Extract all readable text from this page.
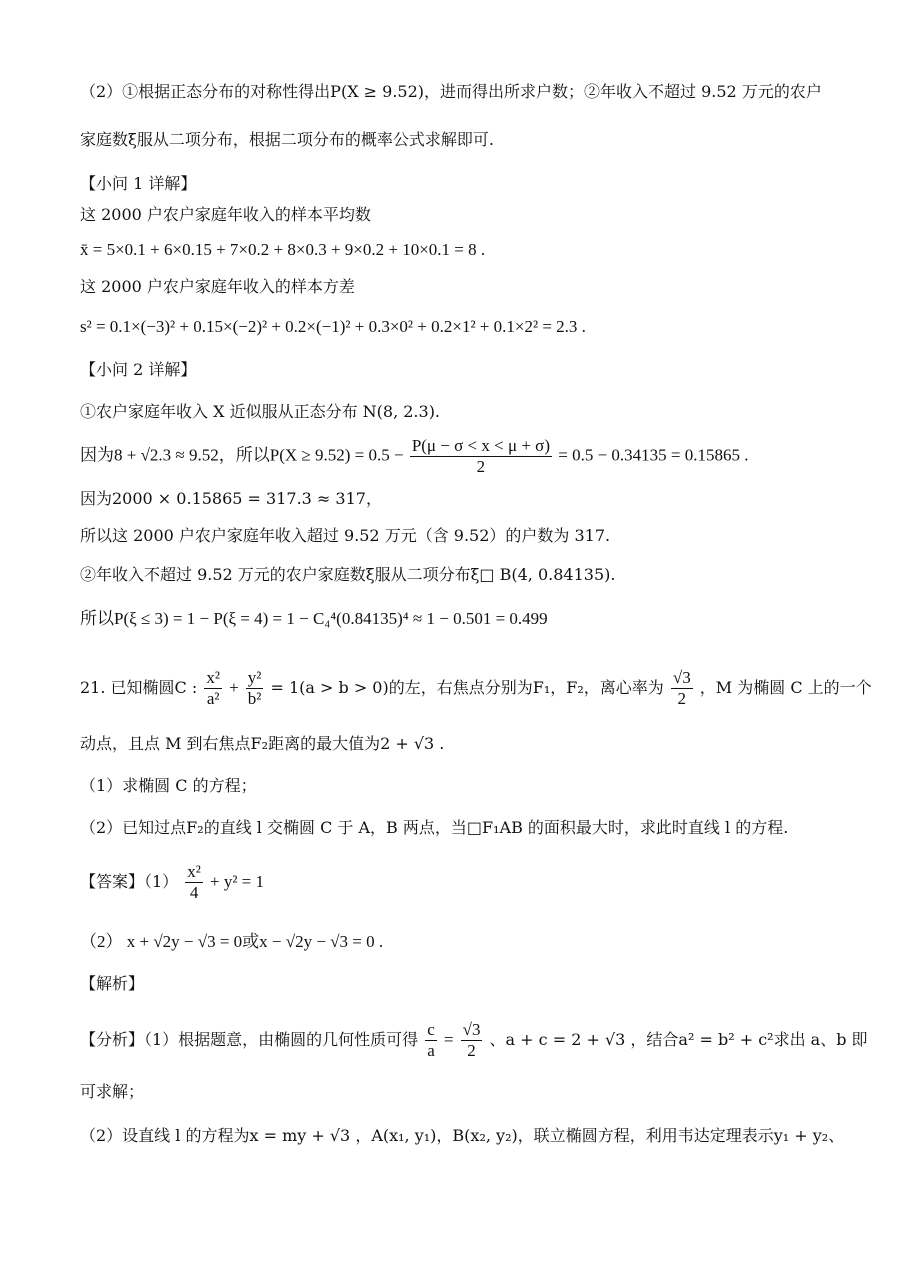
（2）①根据正态分布的对称性得出P(X ≥ 9.52)，进而得出所求户数；②年收入不超过 9.52 万元的农户
家庭数ξ服从二项分布，根据二项分布的概率公式求解即可.
【小问 1 详解】
这 2000 户农户家庭年收入的样本平均数
x̄ = 5×0.1 + 6×0.15 + 7×0.2 + 8×0.3 + 9×0.2 + 10×0.1 = 8 .
这 2000 户农户家庭年收入的样本方差
s² = 0.1×(−3)² + 0.15×(−2)² + 0.2×(−1)² + 0.3×0² + 0.2×1² + 0.1×2² = 2.3 .
【小问 2 详解】
①农户家庭年收入 X 近似服从正态分布 N(8, 2.3).
因为8 + √2.3 ≈ 9.52，所以$P(X \ge 9.52) = 0.5 - \frac{P(\mu - \sigma < x < \mu + \sigma)}{2} = 0.5 - 0.34135 = 0.15865$ .
因为2000 × 0.15865 = 317.3 ≈ 317，
所以这 2000 户农户家庭年收入超过 9.52 万元（含 9.52）的户数为 317.
②年收入不超过 9.52 万元的农户家庭数ξ服从二项分布ξ□ B(4, 0.84135).
所以P(ξ ≤ 3) = 1 − P(ξ = 4) = 1 − C₄⁴(0.84135)⁴ ≈ 1 − 0.501 = 0.499
21. 已知椭圆C : $\frac{\text{x²}}{\text{a²}} + \frac{\text{y²}}{\text{b²}} = 1(a > b > 0)$的左，右焦点分别为F₁，F₂，离心率为 $\frac{√3}{2}$ ，M 为椭圆 C 上的一个
动点，且点 M 到右焦点F₂距离的最大值为2 + √3 .
（1）求椭圆 C 的方程；
（2）已知过点F₂的直线 l 交椭圆 C 于 A，B 两点，当□F₁AB 的面积最大时，求此时直线 l 的方程.
【答案】$(1) \frac{\text{x²}}{4} + y^2 = 1$
（2） x + √2y − √3 = 0或x − √2y − √3 = 0 .
【解析】
【分析】（1）根据题意，由椭圆的几何性质可得 $\frac{c}{a} = \frac{√3}{2}$ 、a + c = 2 + √3 ，结合a² = b² + c²求出 a、b 即
可求解；
（2）设直线 l 的方程为x = my + √3 ，A(x₁, y₁)，B(x₂, y₂)，联立椭圆方程，利用韦达定理表示y₁ + y₂、
